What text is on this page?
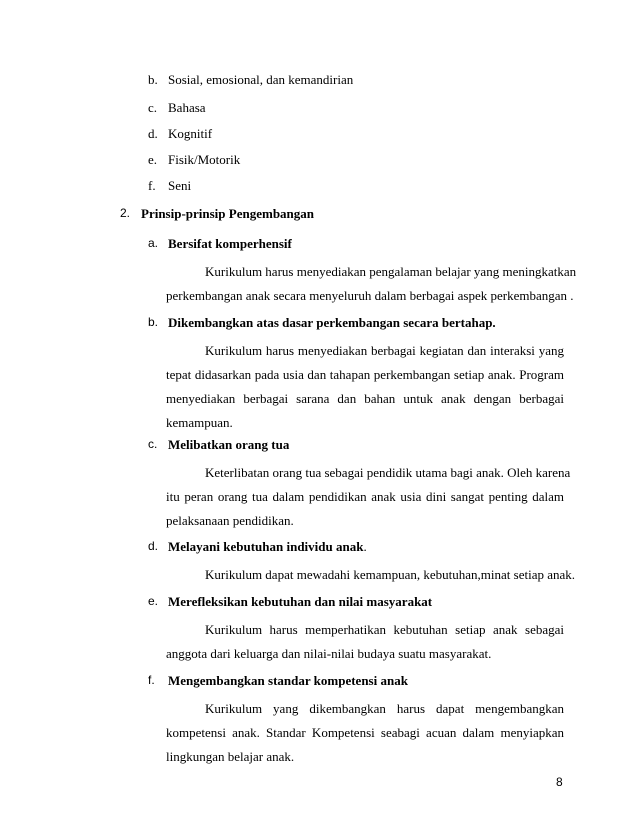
b. Sosial, emosional, dan kemandirian
c. Bahasa
d. Kognitif
e. Fisik/Motorik
f. Seni
2. Prinsip-prinsip Pengembangan
a. Bersifat komperhensif
Kurikulum harus menyediakan pengalaman belajar yang meningkatkan
perkembangan anak secara menyeluruh dalam berbagai aspek perkembangan .
b. Dikembangkan atas dasar perkembangan secara bertahap.
Kurikulum harus menyediakan berbagai kegiatan dan interaksi yang
tepat didasarkan pada usia dan tahapan perkembangan setiap anak. Program
menyediakan berbagai sarana dan bahan untuk anak dengan berbagai
kemampuan.
c. Melibatkan orang tua
Keterlibatan orang tua sebagai pendidik utama bagi anak. Oleh karena
itu peran orang tua dalam pendidikan anak usia dini sangat penting dalam
pelaksanaan pendidikan.
d. Melayani kebutuhan individu anak.
Kurikulum dapat mewadahi kemampuan, kebutuhan,minat setiap anak.
e. Merefleksikan kebutuhan dan nilai masyarakat
Kurikulum harus memperhatikan kebutuhan setiap anak sebagai
anggota dari keluarga dan nilai-nilai budaya suatu masyarakat.
f. Mengembangkan standar kompetensi anak
Kurikulum yang dikembangkan harus dapat mengembangkan
kompetensi anak. Standar Kompetensi seabagi acuan dalam menyiapkan
lingkungan belajar anak.
8
